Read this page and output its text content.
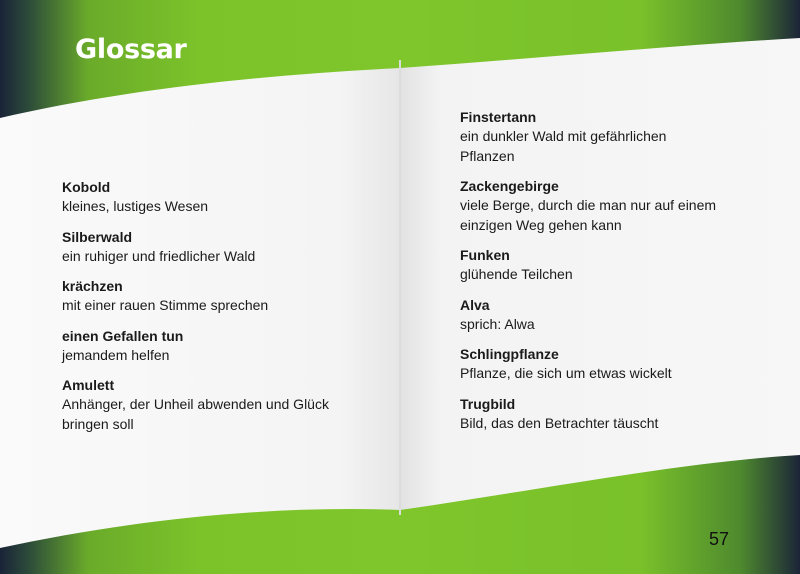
Glossar
Kobold
kleines, lustiges Wesen
Silberwald
ein ruhiger und friedlicher Wald
krächzen
mit einer rauen Stimme sprechen
einen Gefallen tun
jemandem helfen
Amulett
Anhänger, der Unheil abwenden und Glück
bringen soll
Finstertann
ein dunkler Wald mit gefährlichen
Pflanzen
Zackengebirge
viele Berge, durch die man nur auf einem
einzigen Weg gehen kann
Funken
glühende Teilchen
Alva
sprich: Alwa
Schlingpflanze
Pflanze, die sich um etwas wickelt
Trugbild
Bild, das den Betrachter täuscht
57
